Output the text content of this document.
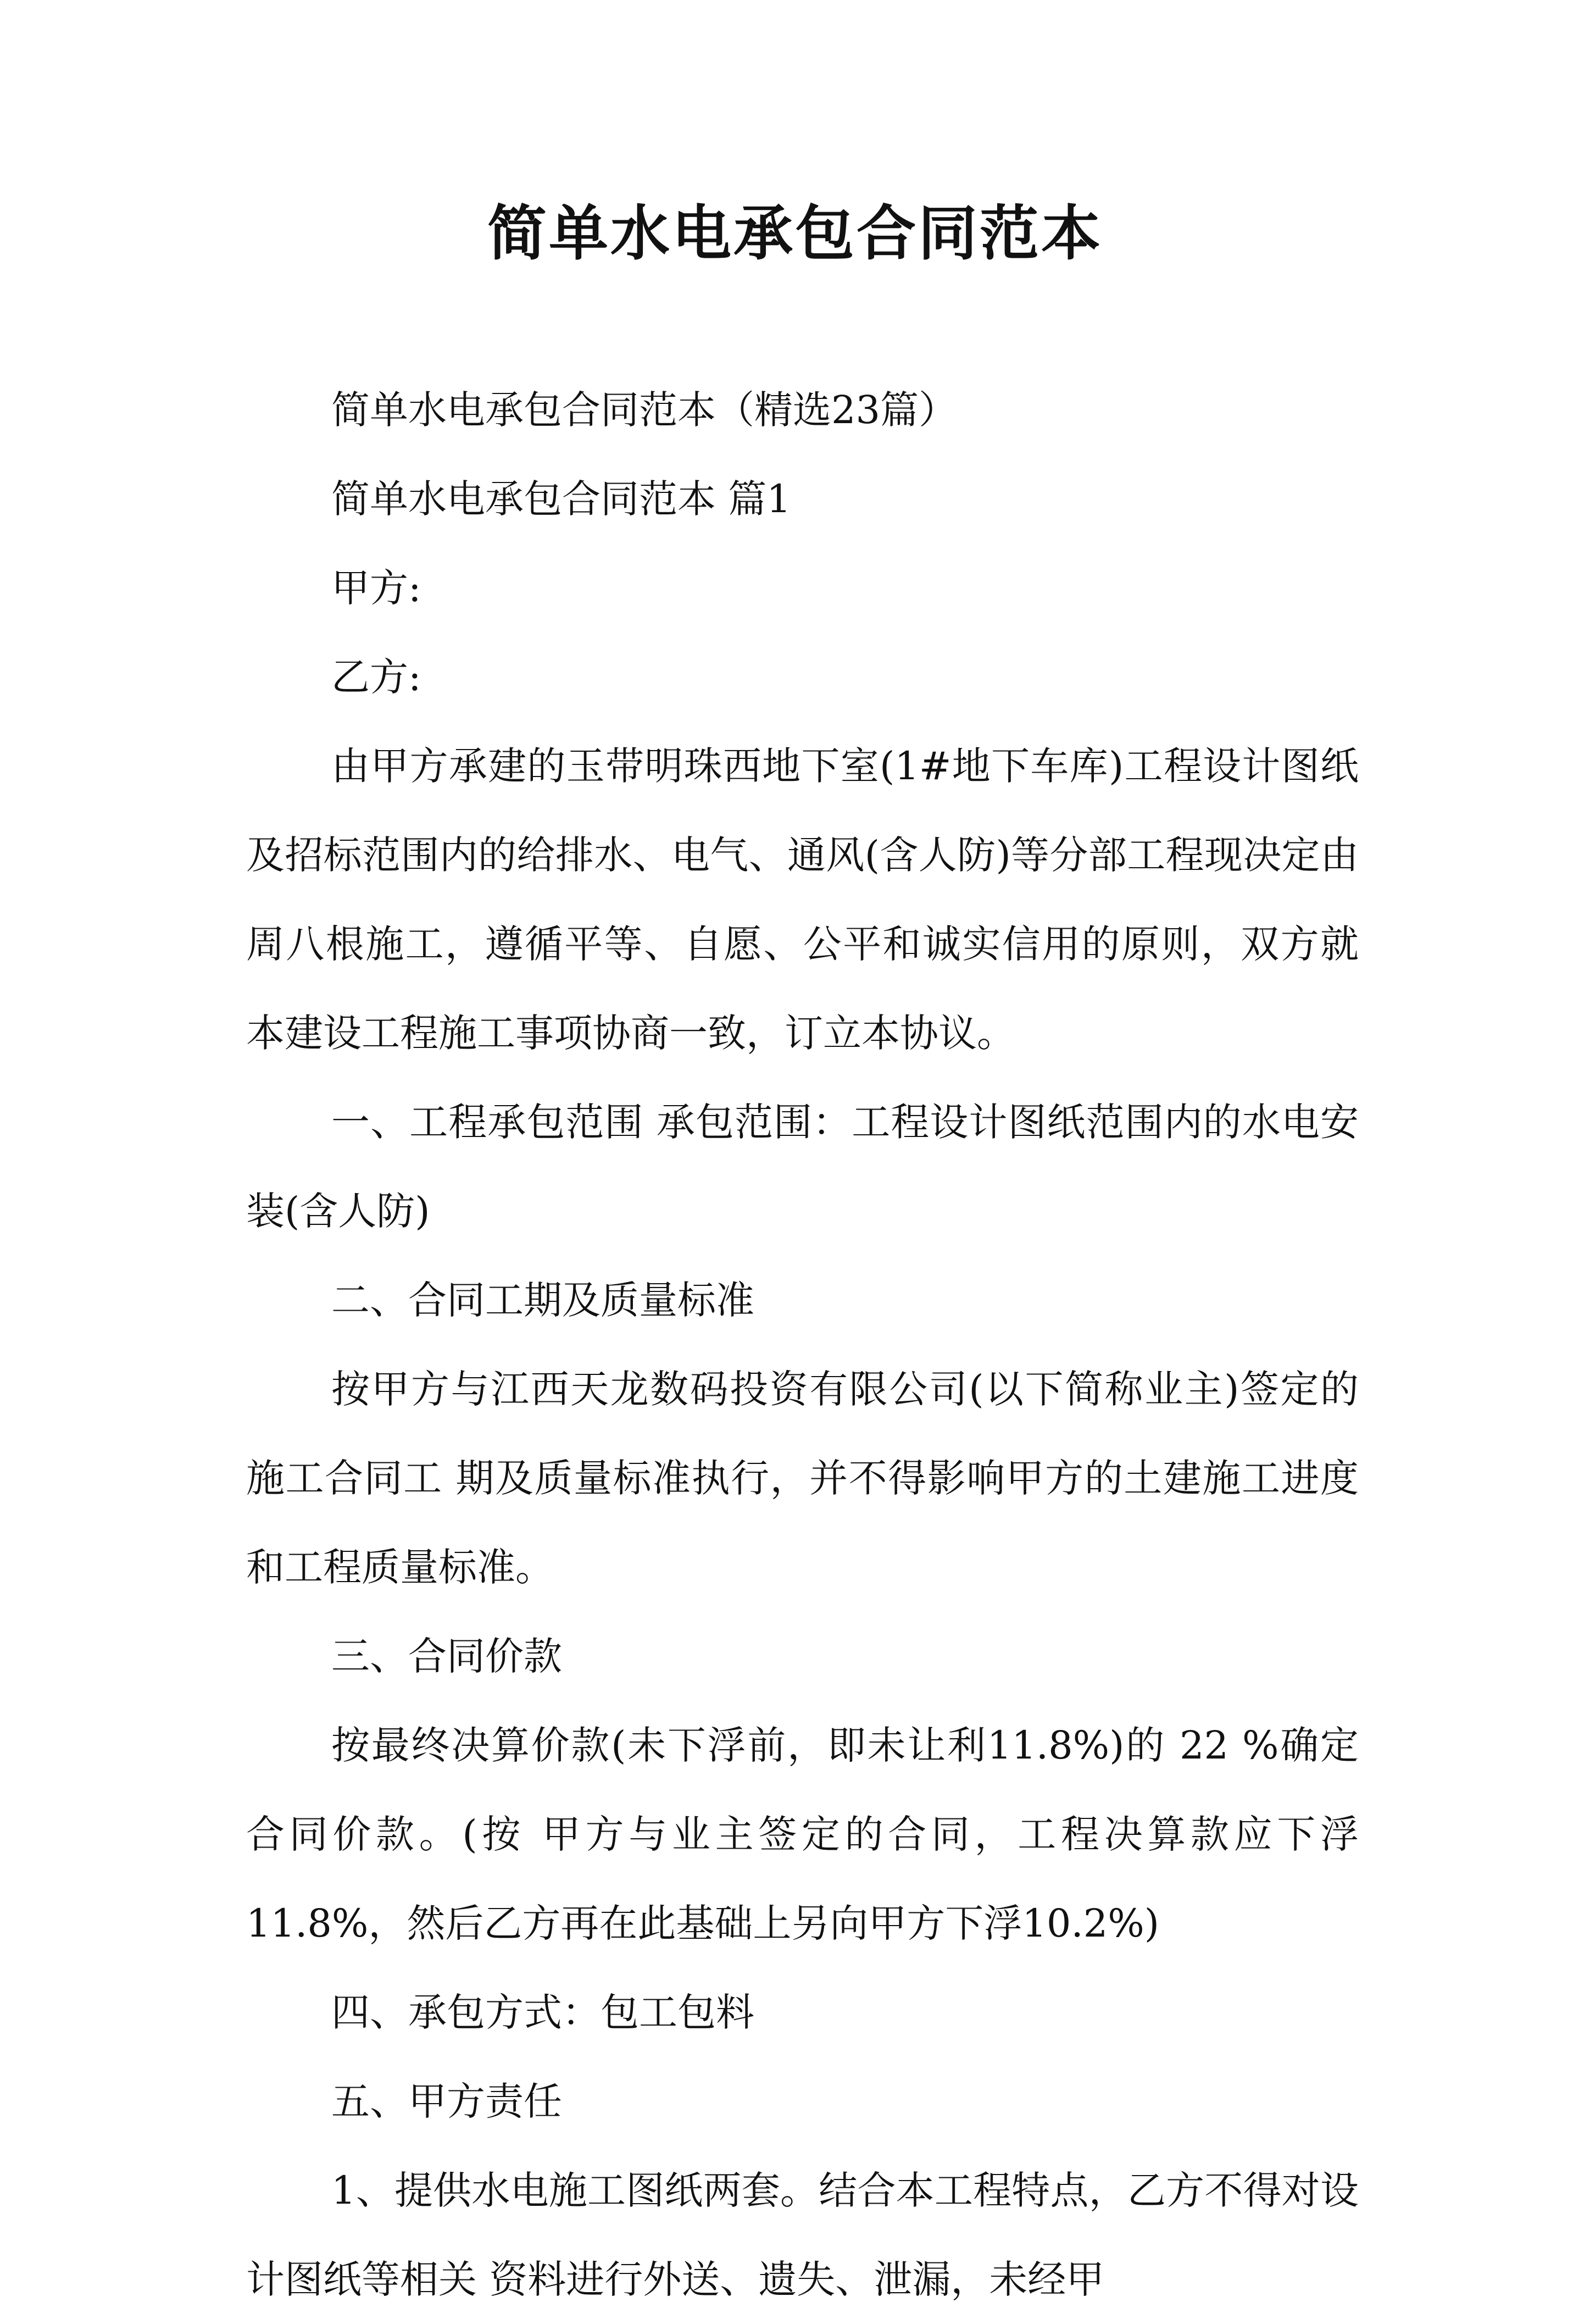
简单水电承包合同范本

简单水电承包合同范本（精选23篇）

简单水电承包合同范本 篇1

甲方:

乙方:

由甲方承建的玉带明珠西地下室(1#地下车库)工程设计图纸及招标范围内的给排水、电气、通风(含人防)等分部工程现决定由周八根施工，遵循平等、自愿、公平和诚实信用的原则，双方就本建设工程施工事项协商一致，订立本协议。

一、工程承包范围 承包范围：工程设计图纸范围内的水电安装(含人防)

二、合同工期及质量标准

按甲方与江西天龙数码投资有限公司(以下简称业主)签定的施工合同工 期及质量标准执行，并不得影响甲方的土建施工进度和工程质量标准。

三、合同价款

按最终决算价款(未下浮前，即未让利11.8%)的 22 %确定合同价款。(按 甲方与业主签定的合同，工程决算款应下浮11.8%，然后乙方再在此基础上另向甲方下浮10.2%)

四、承包方式：包工包料

五、甲方责任

1、提供水电施工图纸两套。结合本工程特点，乙方不得对设计图纸等相关 资料进行外送、遗失、泄漏，未经甲
